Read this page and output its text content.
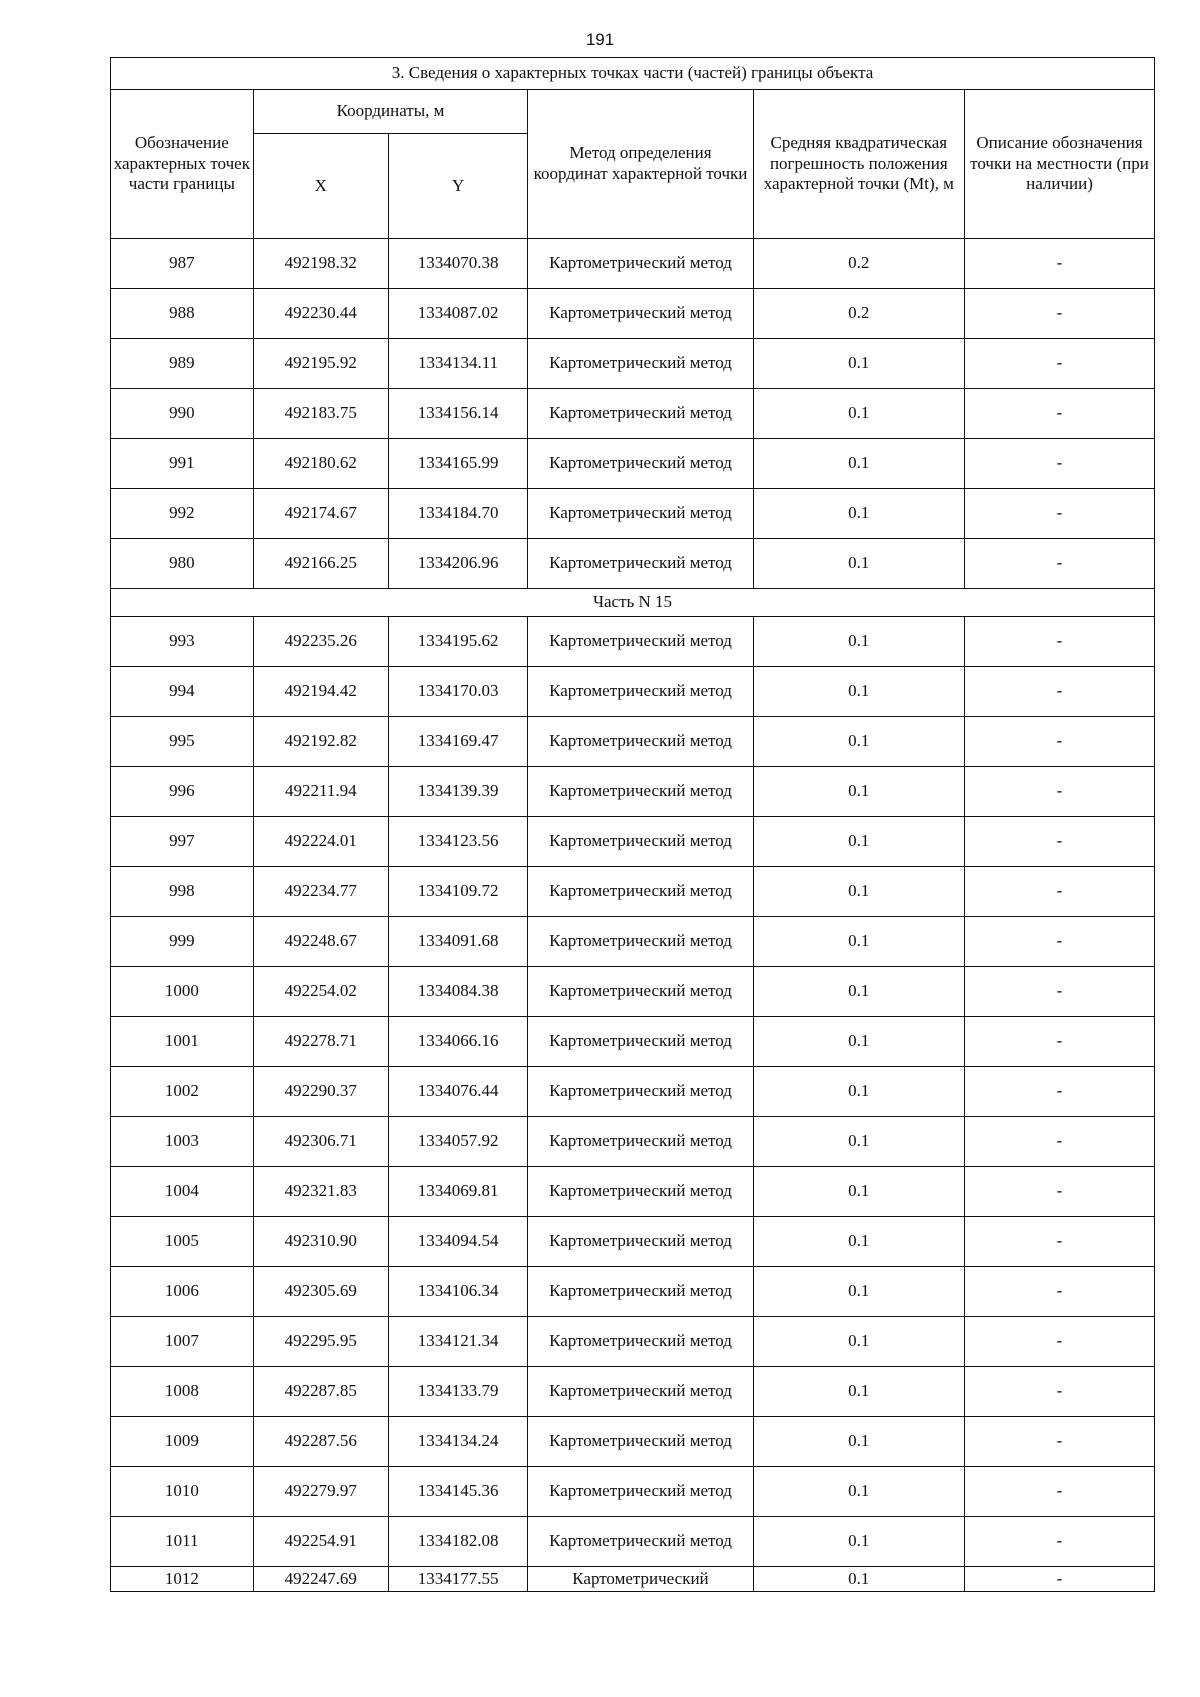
191
3. Сведения о характерных точках части (частей) границы объекта					
Обозначение характерных точек части границы	Координаты, м		Метод определения координат характерной точки	Средняя квадратическая погрешность положения характерной точки (Mt), м	Описание обозначения точки на местности (при наличии)
	X	Y			
987	492198.32	1334070.38	Картометрический метод	0.2	-
988	492230.44	1334087.02	Картометрический метод	0.2	-
989	492195.92	1334134.11	Картометрический метод	0.1	-
990	492183.75	1334156.14	Картометрический метод	0.1	-
991	492180.62	1334165.99	Картометрический метод	0.1	-
992	492174.67	1334184.70	Картометрический метод	0.1	-
980	492166.25	1334206.96	Картометрический метод	0.1	-
Часть N 15					
993	492235.26	1334195.62	Картометрический метод	0.1	-
994	492194.42	1334170.03	Картометрический метод	0.1	-
995	492192.82	1334169.47	Картометрический метод	0.1	-
996	492211.94	1334139.39	Картометрический метод	0.1	-
997	492224.01	1334123.56	Картометрический метод	0.1	-
998	492234.77	1334109.72	Картометрический метод	0.1	-
999	492248.67	1334091.68	Картометрический метод	0.1	-
1000	492254.02	1334084.38	Картометрический метод	0.1	-
1001	492278.71	1334066.16	Картометрический метод	0.1	-
1002	492290.37	1334076.44	Картометрический метод	0.1	-
1003	492306.71	1334057.92	Картометрический метод	0.1	-
1004	492321.83	1334069.81	Картометрический метод	0.1	-
1005	492310.90	1334094.54	Картометрический метод	0.1	-
1006	492305.69	1334106.34	Картометрический метод	0.1	-
1007	492295.95	1334121.34	Картометрический метод	0.1	-
1008	492287.85	1334133.79	Картометрический метод	0.1	-
1009	492287.56	1334134.24	Картометрический метод	0.1	-
1010	492279.97	1334145.36	Картометрический метод	0.1	-
1011	492254.91	1334182.08	Картометрический метод	0.1	-
1012	492247.69	1334177.55	Картометрический	0.1	-
